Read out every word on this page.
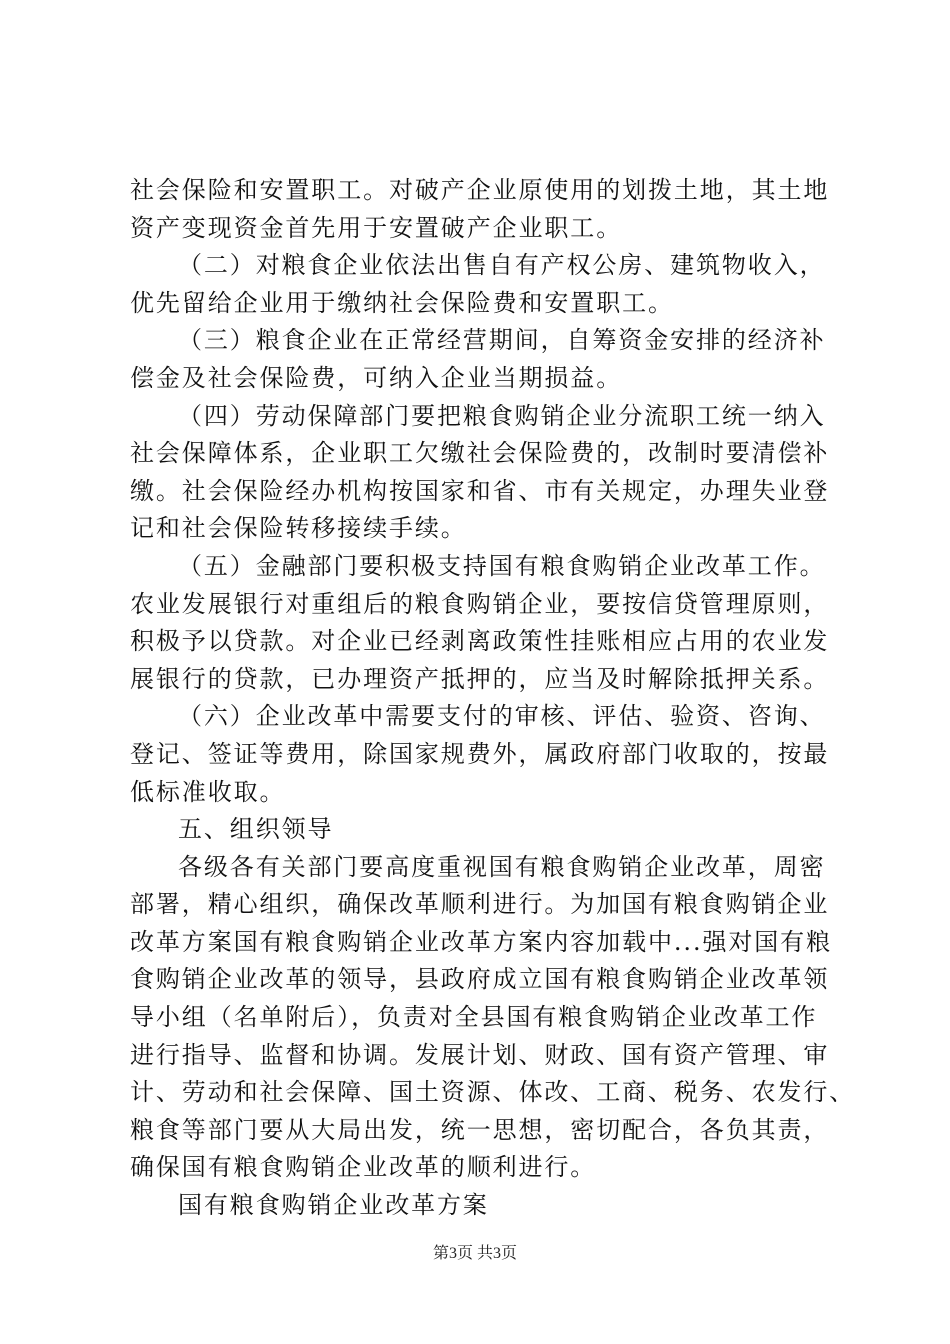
社会保险和安置职工。对破产企业原使用的划拨土地，其土地
资产变现资金首先用于安置破产企业职工。
（二）对粮食企业依法出售自有产权公房、建筑物收入，
优先留给企业用于缴纳社会保险费和安置职工。
（三）粮食企业在正常经营期间，自筹资金安排的经济补
偿金及社会保险费，可纳入企业当期损益。
（四）劳动保障部门要把粮食购销企业分流职工统一纳入
社会保障体系，企业职工欠缴社会保险费的，改制时要清偿补
缴。社会保险经办机构按国家和省、市有关规定，办理失业登
记和社会保险转移接续手续。
（五）金融部门要积极支持国有粮食购销企业改革工作。
农业发展银行对重组后的粮食购销企业，要按信贷管理原则，
积极予以贷款。对企业已经剥离政策性挂账相应占用的农业发
展银行的贷款，已办理资产抵押的，应当及时解除抵押关系。
（六）企业改革中需要支付的审核、评估、验资、咨询、
登记、签证等费用，除国家规费外，属政府部门收取的，按最
低标准收取。
五、组织领导
各级各有关部门要高度重视国有粮食购销企业改革，周密
部署，精心组织，确保改革顺利进行。为加国有粮食购销企业
改革方案国有粮食购销企业改革方案内容加载中...强对国有粮
食购销企业改革的领导，县政府成立国有粮食购销企业改革领
导小组（名单附后），负责对全县国有粮食购销企业改革工作
进行指导、监督和协调。发展计划、财政、国有资产管理、审
计、劳动和社会保障、国土资源、体改、工商、税务、农发行、
粮食等部门要从大局出发，统一思想，密切配合，各负其责，
确保国有粮食购销企业改革的顺利进行。
国有粮食购销企业改革方案
第3页 共3页
